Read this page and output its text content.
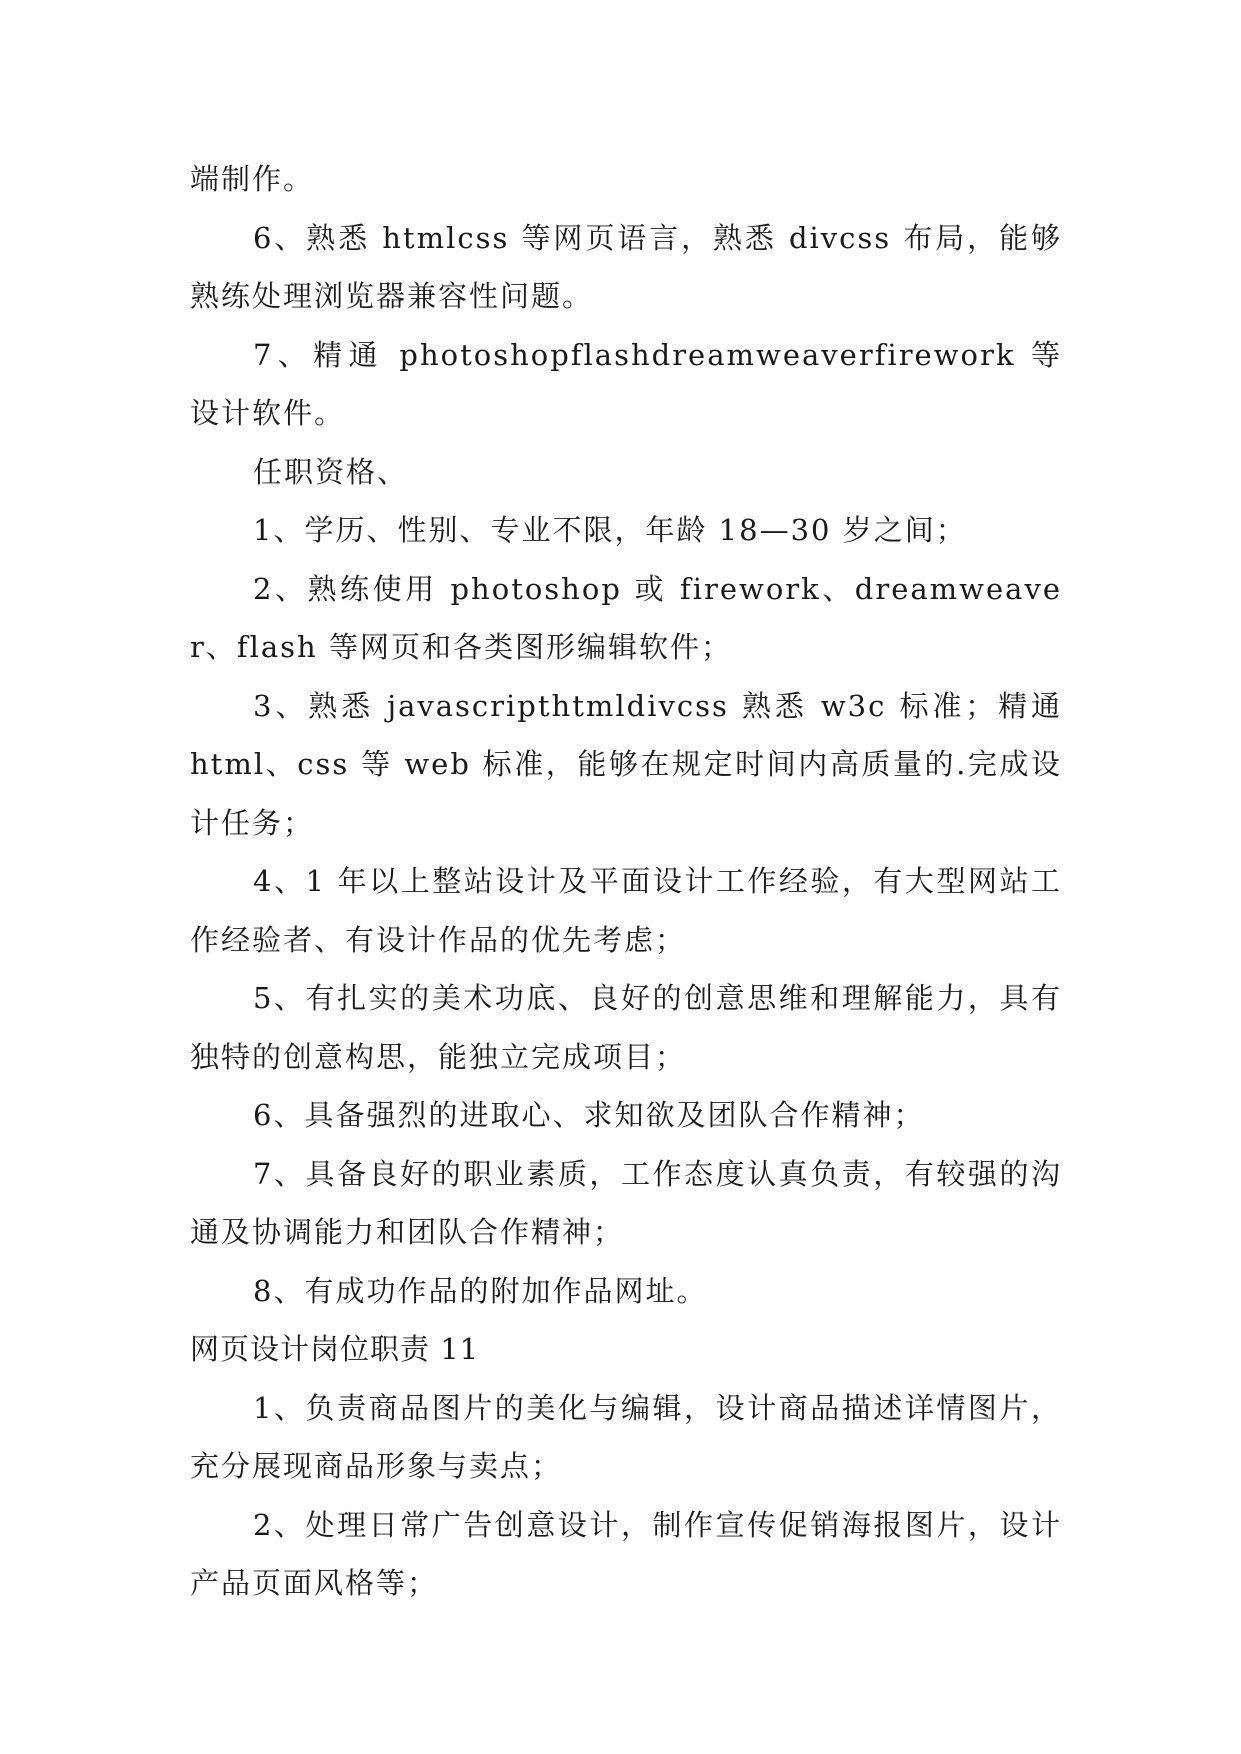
端制作。

6、熟悉 htmlcss 等网页语言，熟悉 divcss 布局，能够熟练处理浏览器兼容性问题。

7、精通 photoshopflashdreamweaverfirework 等设计软件。

任职资格、

1、学历、性别、专业不限，年龄 18—30 岁之间；

2、熟练使用 photoshop 或 firework、dreamweaver、flash 等网页和各类图形编辑软件；

3、熟悉 javascripthtmldivcss 熟悉 w3c 标准；精通 html、css 等 web 标准，能够在规定时间内高质量的.完成设计任务；

4、1 年以上整站设计及平面设计工作经验，有大型网站工作经验者、有设计作品的优先考虑；

5、有扎实的美术功底、良好的创意思维和理解能力，具有独特的创意构思，能独立完成项目；

6、具备强烈的进取心、求知欲及团队合作精神；

7、具备良好的职业素质，工作态度认真负责，有较强的沟通及协调能力和团队合作精神；

8、有成功作品的附加作品网址。

网页设计岗位职责 11

1、负责商品图片的美化与编辑，设计商品描述详情图片，充分展现商品形象与卖点；

2、处理日常广告创意设计，制作宣传促销海报图片，设计产品页面风格等；
